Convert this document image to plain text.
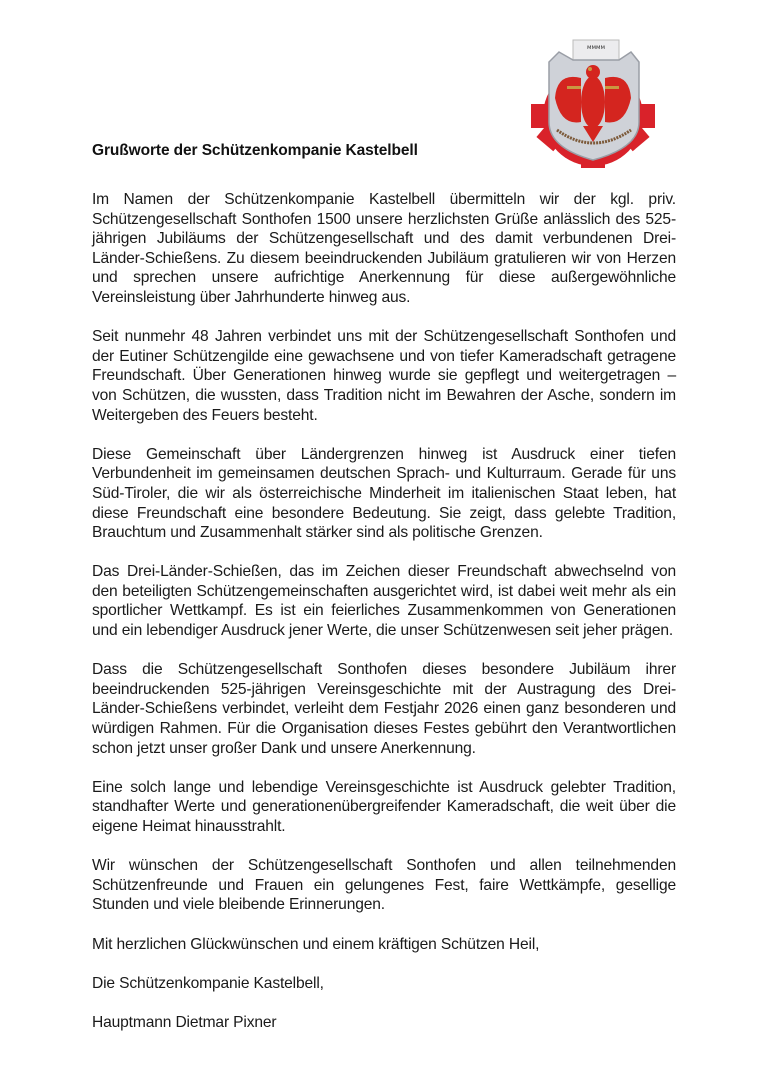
ᴍᴍᴍᴍ
Grußworte der Schützenkompanie Kastelbell

Im Namen der Schützenkompanie Kastelbell übermitteln wir der kgl. priv. Schützengesellschaft Sonthofen 1500 unsere herzlichsten Grüße anlässlich des 525-jährigen Jubiläums der Schützengesellschaft und des damit verbundenen Drei-Länder-Schießens. Zu diesem beeindruckenden Jubiläum gratulieren wir von Herzen und sprechen unsere aufrichtige Anerkennung für diese außergewöhnliche Vereinsleistung über Jahrhunderte hinweg aus.

Seit nunmehr 48 Jahren verbindet uns mit der Schützengesellschaft Sonthofen und der Eutiner Schützengilde eine gewachsene und von tiefer Kameradschaft getragene Freundschaft. Über Generationen hinweg wurde sie gepflegt und weitergetragen – von Schützen, die wussten, dass Tradition nicht im Bewahren der Asche, sondern im Weitergeben des Feuers besteht.

Diese Gemeinschaft über Ländergrenzen hinweg ist Ausdruck einer tiefen Verbundenheit im gemeinsamen deutschen Sprach- und Kulturraum. Gerade für uns Süd-Tiroler, die wir als österreichische Minderheit im italienischen Staat leben, hat diese Freundschaft eine besondere Bedeutung. Sie zeigt, dass gelebte Tradition, Brauchtum und Zusammenhalt stärker sind als politische Grenzen.

Das Drei-Länder-Schießen, das im Zeichen dieser Freundschaft abwechselnd von den beteiligten Schützengemeinschaften ausgerichtet wird, ist dabei weit mehr als ein sportlicher Wettkampf. Es ist ein feierliches Zusammenkommen von Generationen und ein lebendiger Ausdruck jener Werte, die unser Schützenwesen seit jeher prägen.

Dass die Schützengesellschaft Sonthofen dieses besondere Jubiläum ihrer beeindruckenden 525-jährigen Vereinsgeschichte mit der Austragung des Drei-Länder-Schießens verbindet, verleiht dem Festjahr 2026 einen ganz besonderen und würdigen Rahmen. Für die Organisation dieses Festes gebührt den Verantwortlichen schon jetzt unser großer Dank und unsere Anerkennung.

Eine solch lange und lebendige Vereinsgeschichte ist Ausdruck gelebter Tradition, standhafter Werte und generationenübergreifender Kameradschaft, die weit über die eigene Heimat hinausstrahlt.

Wir wünschen der Schützengesellschaft Sonthofen und allen teilnehmenden Schützenfreunde und Frauen ein gelungenes Fest, faire Wettkämpfe, gesellige Stunden und viele bleibende Erinnerungen.

Mit herzlichen Glückwünschen und einem kräftigen Schützen Heil,

Die Schützenkompanie Kastelbell,

Hauptmann Dietmar Pixner
